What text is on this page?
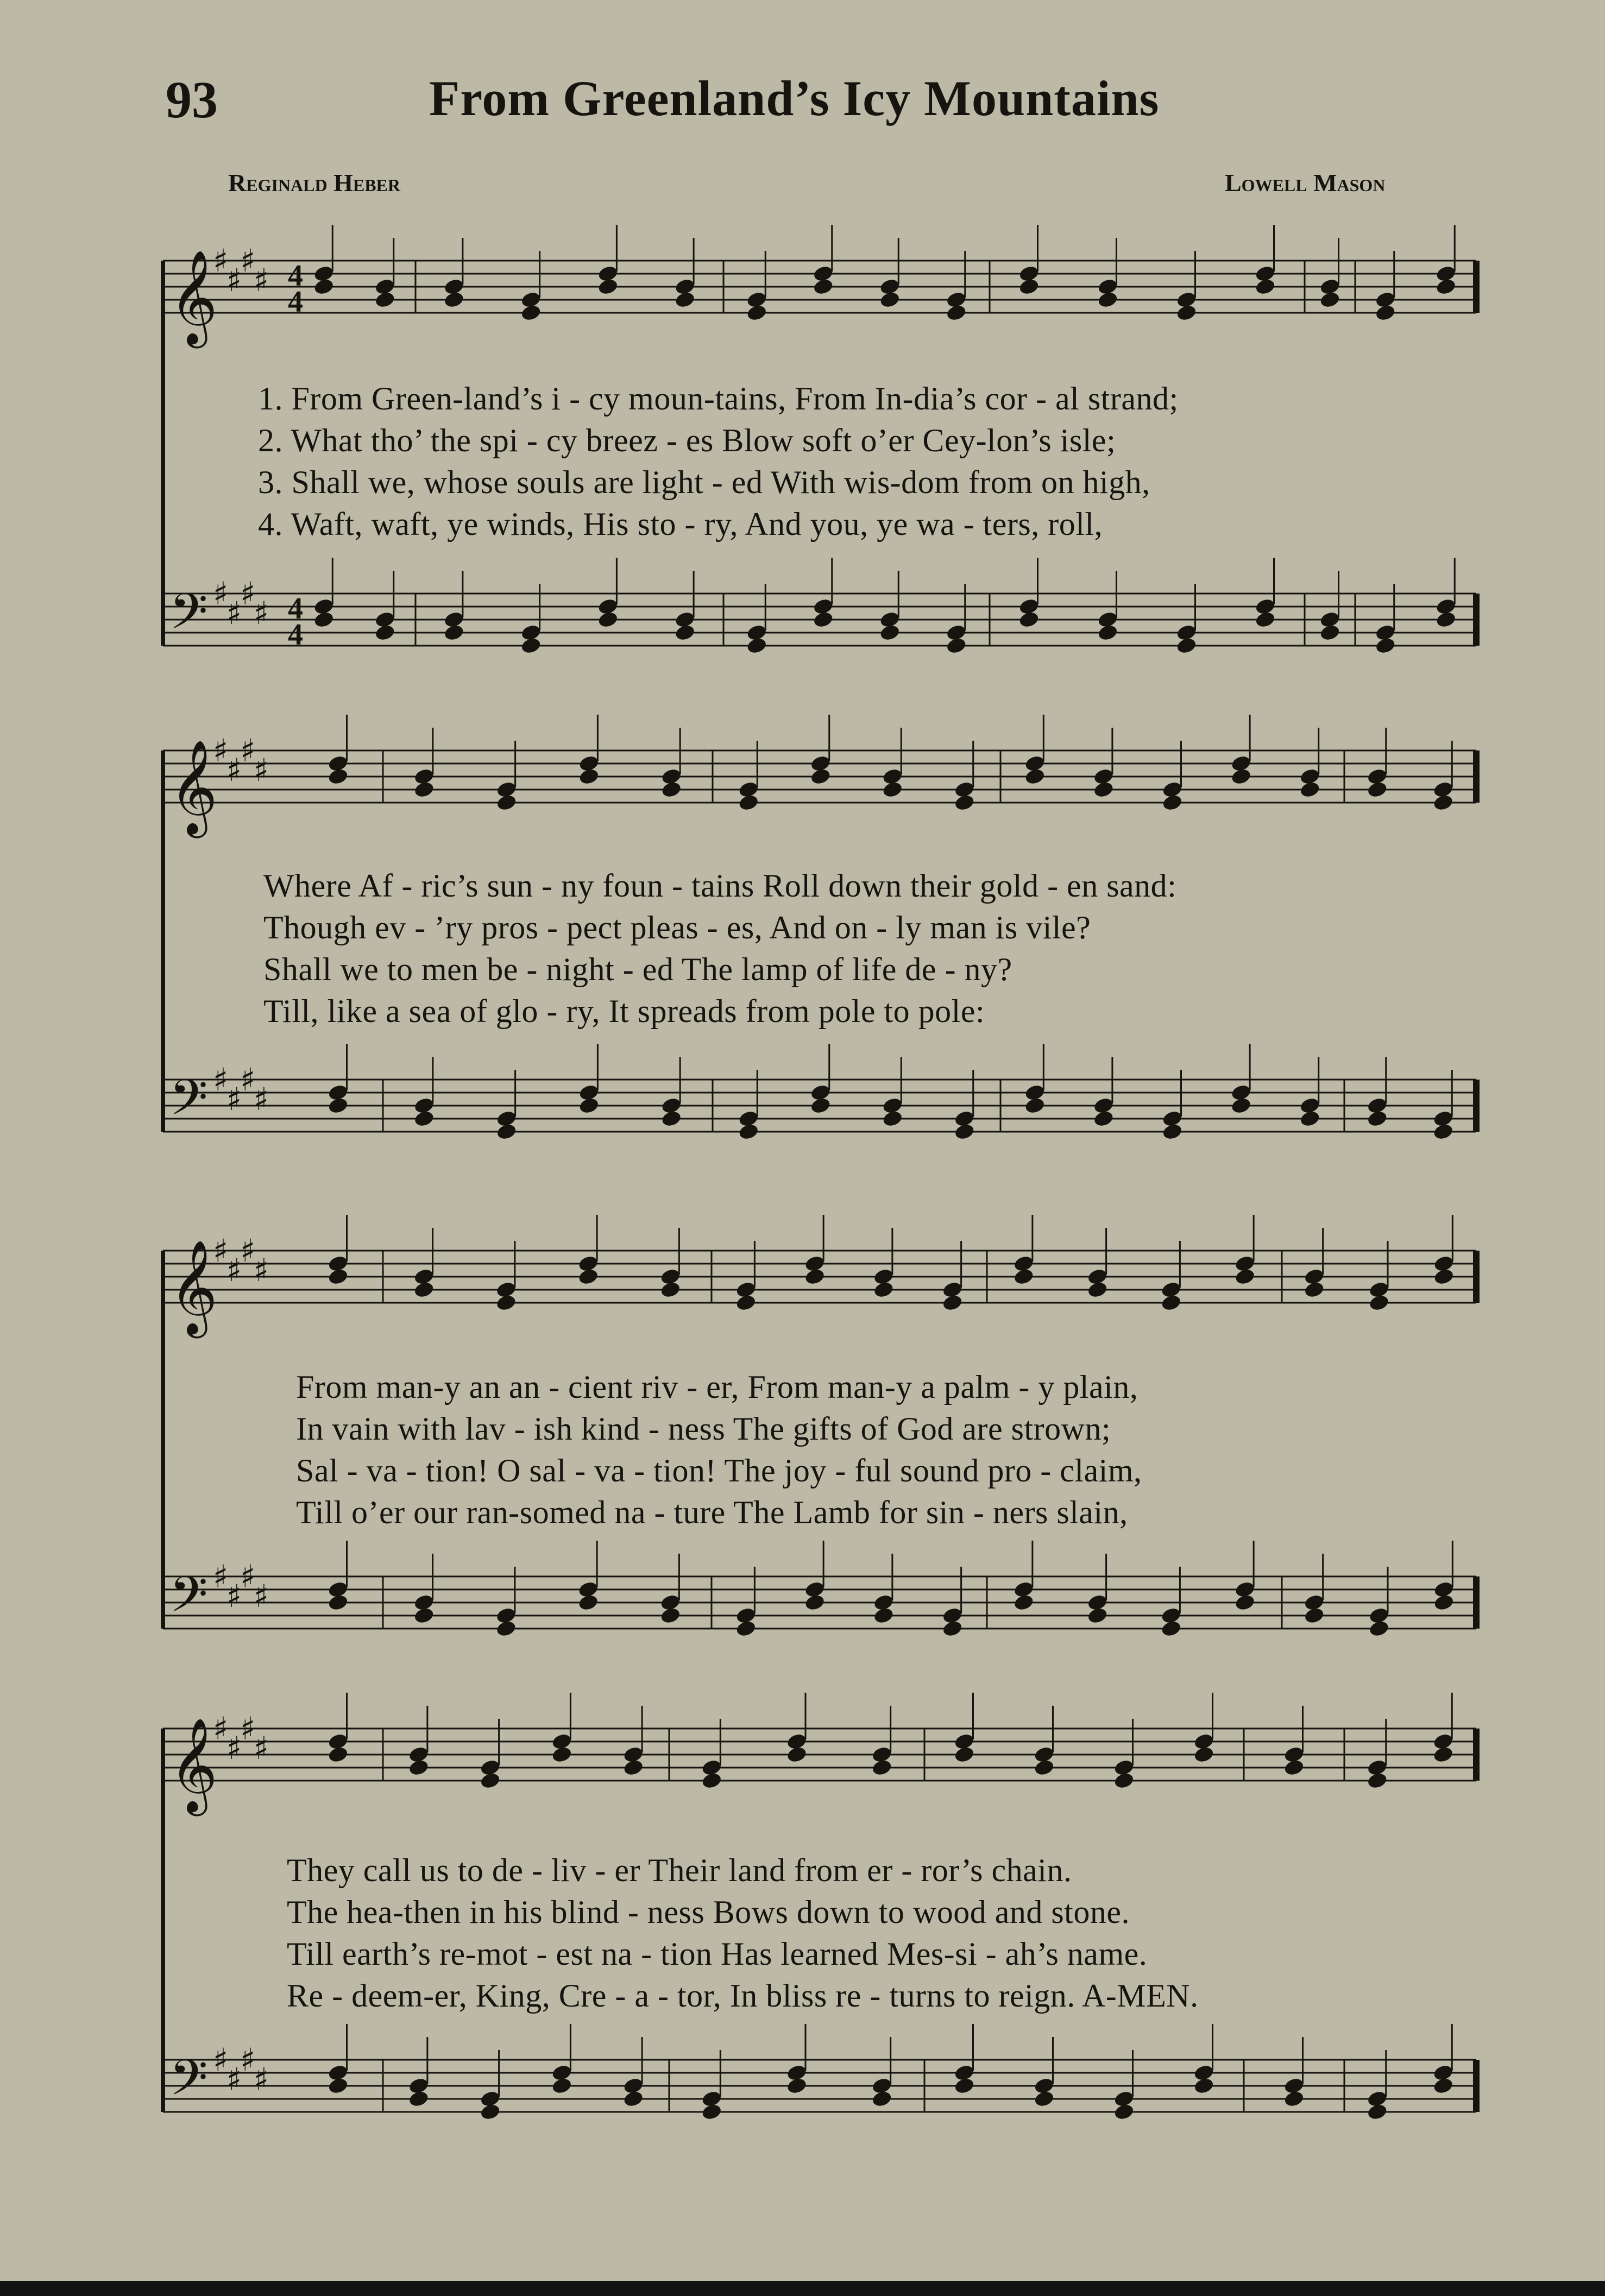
93	From Greenland’s Icy Mountains
Reginald Heber	Lowell Mason
𝄞
♯
♯
♯
♯ 4
4
𝄢 ♯
♯
♯
♯ 4
4
𝄞
♯
♯
♯
♯
𝄢 ♯
♯
♯
♯
𝄞
♯
♯
♯
♯
𝄢 ♯
♯
♯
♯
𝄞
♯
♯
♯
♯
𝄢 ♯
♯
♯
♯
1. From Green-land’s i - cy moun-tains, From In-dia’s cor - al strand;
2. What tho’ the spi - cy breez - es Blow soft o’er Cey-lon’s isle;
3. Shall we, whose souls are light - ed With wis-dom from on high,
4. Waft, waft, ye winds, His sto - ry, And you, ye wa - ters, roll,
Where Af - ric’s sun - ny foun - tains Roll down their gold - en sand:
Though ev - ’ry pros - pect pleas - es, And on - ly man is vile?
Shall we to men be - night - ed The lamp of life de - ny?
Till, like a sea of glo - ry, It spreads from pole to pole:
From man-y an an - cient riv - er, From man-y a palm - y plain,
In vain with lav - ish kind - ness The gifts of God are strown;
Sal - va - tion! O sal - va - tion! The joy - ful sound pro - claim,
Till o’er our ran-somed na - ture The Lamb for sin - ners slain,
They call us to de - liv - er Their land from er - ror’s chain.
The hea-then in his blind - ness Bows down to wood and stone.
Till earth’s re-mot - est na - tion Has learned Mes-si - ah’s name.
Re - deem-er, King, Cre - a - tor, In bliss re - turns to reign. A-MEN.
